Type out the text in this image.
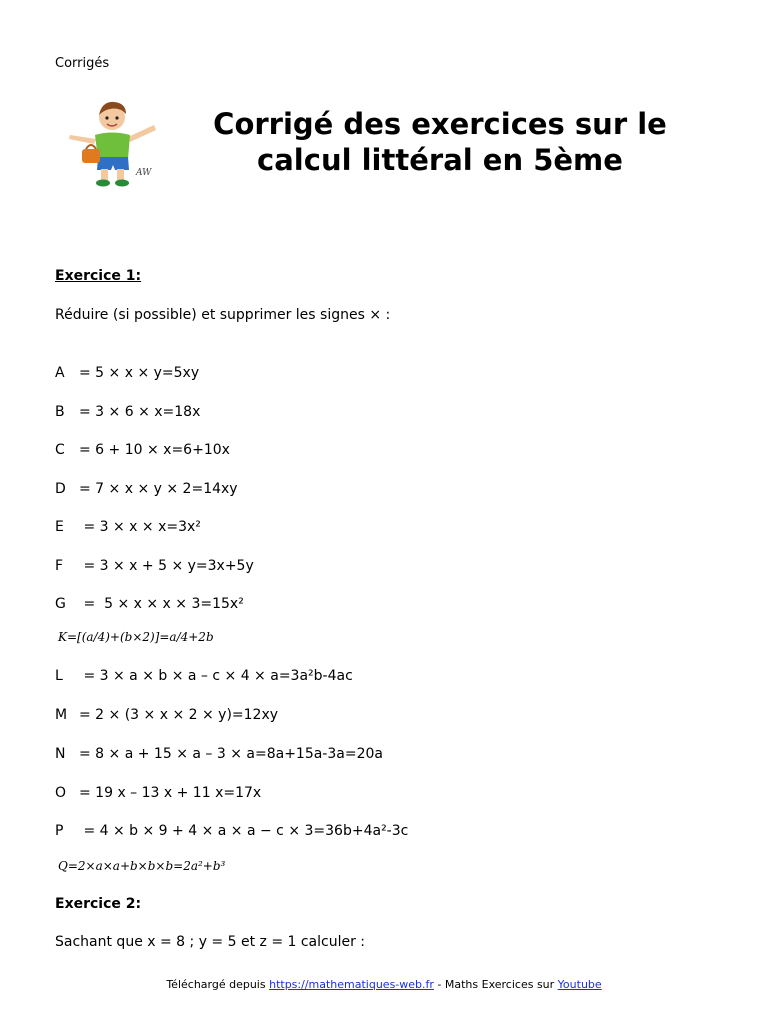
Corrigés
AW
Corrigé des exercices sur le
calcul littéral en 5ème
Exercice 1:
Réduire (si possible) et supprimer les signes × :
A = 5 × x × y=5xy
B = 3 × 6 × x=18x
C = 6 + 10 × x=6+10x
D = 7 × x × y × 2=14xy
E = 3 × x × x=3x²
F = 3 × x + 5 × y=3x+5y
G =  5 × x × x × 3=15x²
K=[(a/4)+(b×2)]=a/4+2b
L = 3 × a × b × a – c × 4 × a=3a²b-4ac
M = 2 × (3 × x × 2 × y)=12xy
N = 8 × a + 15 × a – 3 × a=8a+15a-3a=20a
O = 19 x – 13 x + 11 x=17x
P = 4 × b × 9 + 4 × a × a − c × 3=36b+4a²-3c
Q=2×a×a+b×b×b=2a²+b³
Exercice 2:
Sachant que x = 8 ; y = 5 et z = 1 calculer :
Téléchargé depuis https://mathematiques-web.fr - Maths Exercices sur Youtube
